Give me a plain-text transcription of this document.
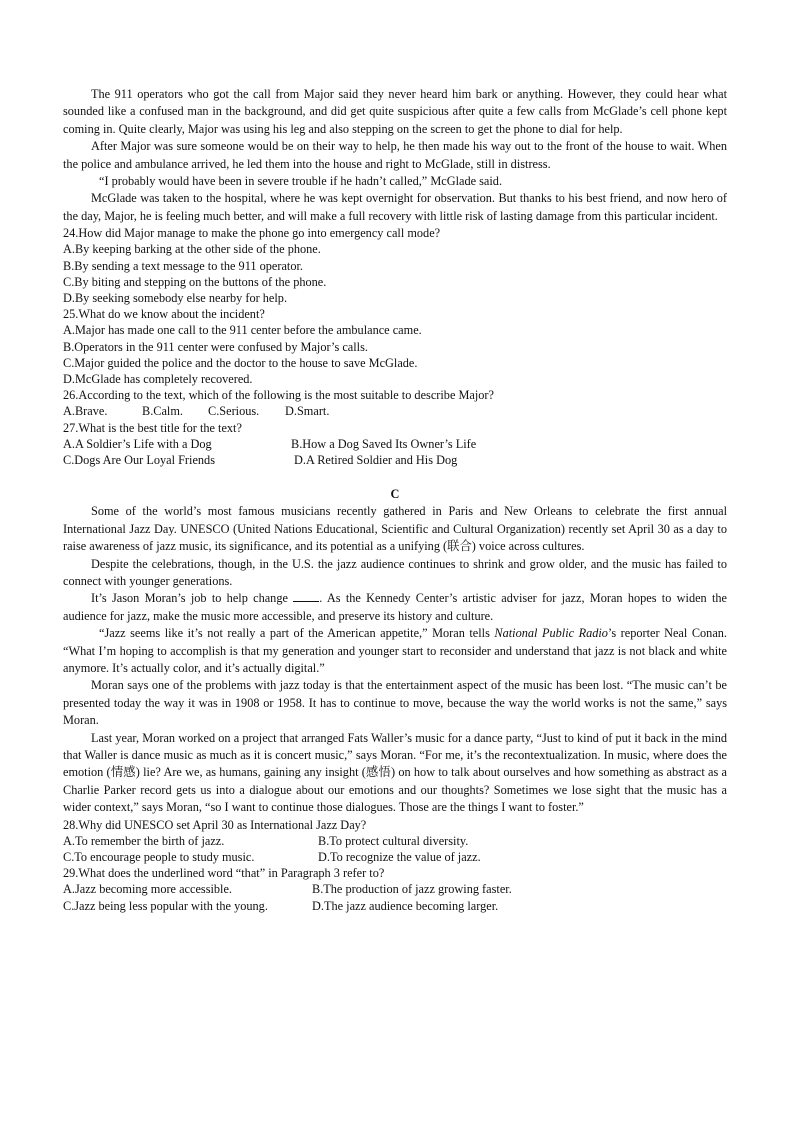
The 911 operators who got the call from Major said they never heard him bark or anything. However, they could hear what sounded like a confused man in the background, and did get quite suspicious after quite a few calls from McGlade’s cell phone kept coming in. Quite clearly, Major was using his leg and also stepping on the screen to get the phone to dial for help.

After Major was sure someone would be on their way to help, he then made his way out to the front of the house to wait. When the police and ambulance arrived, he led them into the house and right to McGlade, still in distress.

“I probably would have been in severe trouble if he hadn’t called,” McGlade said.

McGlade was taken to the hospital, where he was kept overnight for observation. But thanks to his best friend, and now hero of the day, Major, he is feeling much better, and will make a full recovery with little risk of lasting damage from this particular incident.

24.How did Major manage to make the phone go into emergency call mode?
A.By keeping barking at the other side of the phone.
B.By sending a text message to the 911 operator.
C.By biting and stepping on the buttons of the phone.
D.By seeking somebody else nearby for help.
25.What do we know about the incident?
A.Major has made one call to the 911 center before the ambulance came.
B.Operators in the 911 center were confused by Major’s calls.
C.Major guided the police and the doctor to the house to save McGlade.
D.McGlade has completely recovered.
26.According to the text, which of the following is the most suitable to describe Major?
A.Brave.	B.Calm.	C.Serious.	D.Smart.
27.What is the best title for the text?
A.A Soldier’s Life with a Dog	B.How a Dog Saved Its Owner’s Life
C.Dogs Are Our Loyal Friends	D.A Retired Soldier and His Dog
C

Some of the world’s most famous musicians recently gathered in Paris and New Orleans to celebrate the first annual International Jazz Day. UNESCO (United Nations Educational, Scientific and Cultural Organization) recently set April 30 as a day to raise awareness of jazz music, its significance, and its potential as a unifying (联合) voice across cultures.

Despite the celebrations, though, in the U.S. the jazz audience continues to shrink and grow older, and the music has failed to connect with younger generations.

It’s Jason Moran’s job to help change	. As the Kennedy Center’s artistic adviser for jazz, Moran hopes to widen the audience for jazz, make the music more accessible, and preserve its history and culture.

“Jazz seems like it’s not really a part of the American appetite,” Moran tells National Public Radio’s reporter Neal Conan. “What I’m hoping to accomplish is that my generation and younger start to reconsider and understand that jazz is not black and white anymore. It’s actually color, and it’s actually digital.”

Moran says one of the problems with jazz today is that the entertainment aspect of the music has been lost. “The music can’t be presented today the way it was in 1908 or 1958. It has to continue to move, because the way the world works is not the same,” says Moran.

Last year, Moran worked on a project that arranged Fats Waller’s music for a dance party, “Just to kind of put it back in the mind that Waller is dance music as much as it is concert music,” says Moran. “For me, it’s the recontextualization. In music, where does the emotion (情感) lie? Are we, as humans, gaining any insight (感悟) on how to talk about ourselves and how something as abstract as a Charlie Parker record gets us into a dialogue about our emotions and our thoughts? Sometimes we lose sight that the music has a wider context,” says Moran, “so I want to continue those dialogues. Those are the things I want to foster.”

28.Why did UNESCO set April 30 as International Jazz Day?
A.To remember the birth of jazz.	B.To protect cultural diversity.
C.To encourage people to study music.	D.To recognize the value of jazz.
29.What does the underlined word “that” in Paragraph 3 refer to?
A.Jazz becoming more accessible.	B.The production of jazz growing faster.
C.Jazz being less popular with the young.	D.The jazz audience becoming larger.
